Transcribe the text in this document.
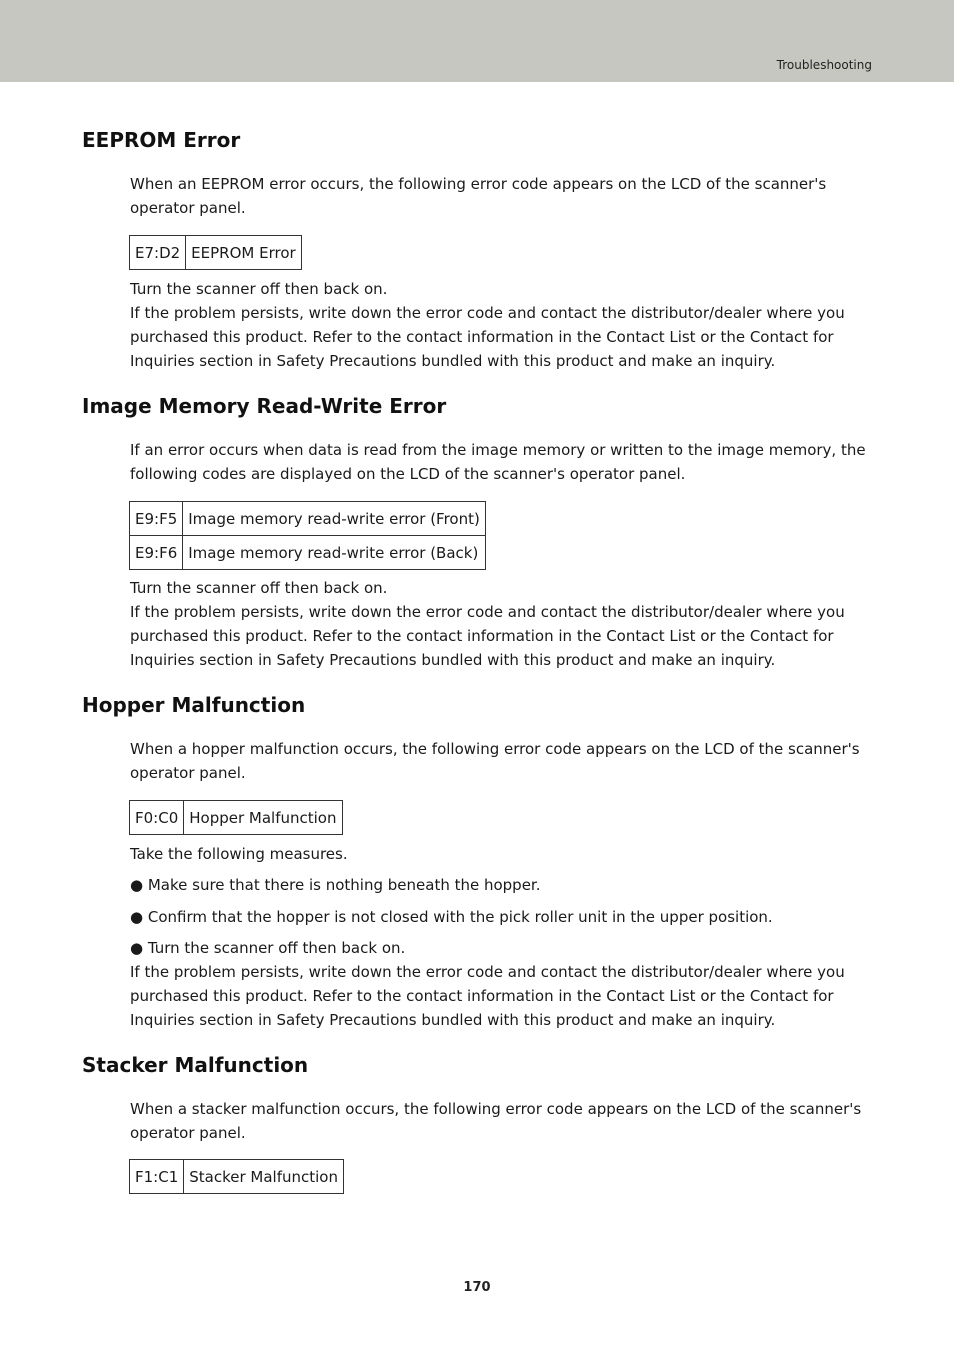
Troubleshooting
EEPROM Error

When an EEPROM error occurs, the following error code appears on the LCD of the scanner's operator panel.

E7:D2	EEPROM Error

Turn the scanner off then back on.

If the problem persists, write down the error code and contact the distributor/dealer where you purchased this product. Refer to the contact information in the Contact List or the Contact for Inquiries section in Safety Precautions bundled with this product and make an inquiry.

Image Memory Read-Write Error

If an error occurs when data is read from the image memory or written to the image memory, the following codes are displayed on the LCD of the scanner's operator panel.

E9:F5	Image memory read-write error (Front)
E9:F6	Image memory read-write error (Back)

Turn the scanner off then back on.

If the problem persists, write down the error code and contact the distributor/dealer where you purchased this product. Refer to the contact information in the Contact List or the Contact for Inquiries section in Safety Precautions bundled with this product and make an inquiry.

Hopper Malfunction

When a hopper malfunction occurs, the following error code appears on the LCD of the scanner's operator panel.

F0:C0	Hopper Malfunction

Take the following measures.

● Make sure that there is nothing beneath the hopper.

● Confirm that the hopper is not closed with the pick roller unit in the upper position.

● Turn the scanner off then back on.

If the problem persists, write down the error code and contact the distributor/dealer where you purchased this product. Refer to the contact information in the Contact List or the Contact for Inquiries section in Safety Precautions bundled with this product and make an inquiry.

Stacker Malfunction

When a stacker malfunction occurs, the following error code appears on the LCD of the scanner's operator panel.

F1:C1	Stacker Malfunction
170
